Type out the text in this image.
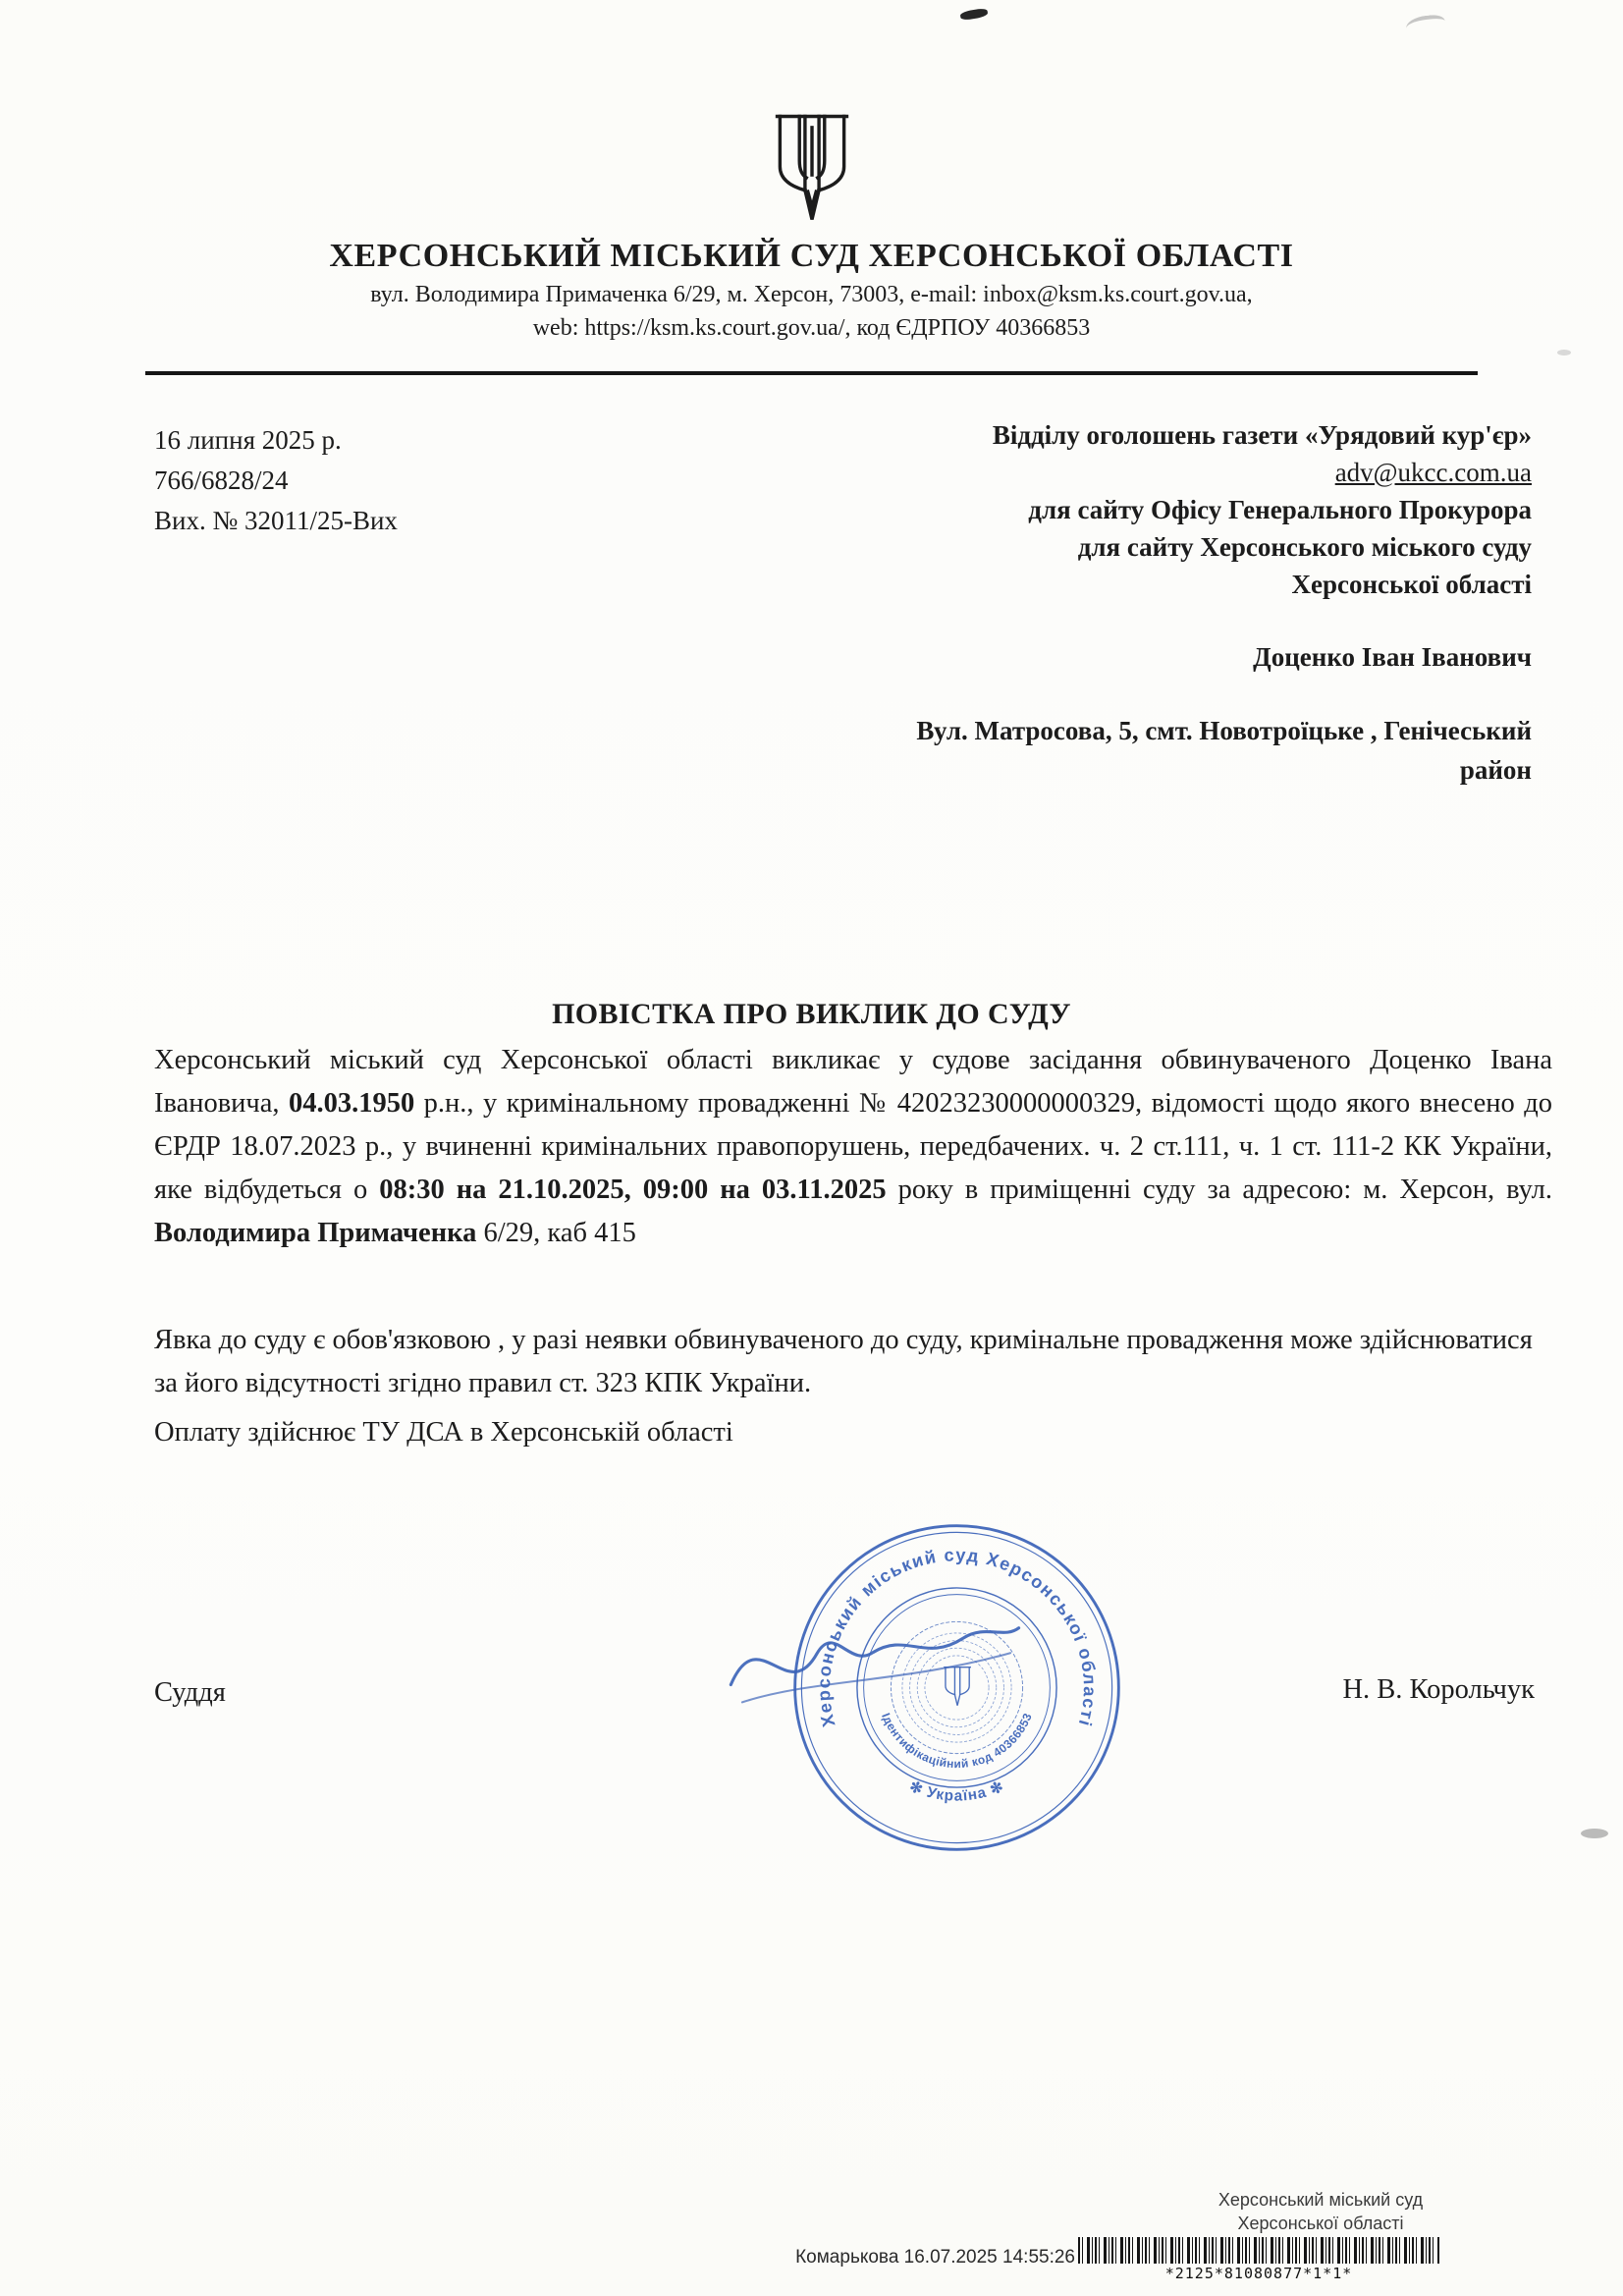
ХЕРСОНСЬКИЙ МІСЬКИЙ СУД ХЕРСОНСЬКОЇ ОБЛАСТІ
вул. Володимира Примаченка 6/29, м. Херсон, 73003, e-mail: inbox@ksm.ks.court.gov.ua,
web: https://ksm.ks.court.gov.ua/, код ЄДРПОУ 40366853
16 липня 2025 р.
766/6828/24
Вих. № 32011/25-Вих
Відділу оголошень газети «Урядовий кур'єр»
adv@ukcc.com.ua
для сайту Офісу Генерального Прокурора
для сайту Херсонського міського суду
Херсонської області
Доценко Іван Іванович
Вул. Матросова, 5, смт. Новотроїцьке , Генічеський район
ПОВІСТКА ПРО ВИКЛИК ДО СУДУ

Херсонський міський суд Херсонської області викликає у судове засідання обвинуваченого Доценко Івана Івановича, 04.03.1950 р.н., у кримінальному провадженні № 42023230000000329, відомості щодо якого внесено до ЄРДР 18.07.2023 р., у вчиненні кримінальних правопорушень, передбачених. ч. 2 ст.111, ч. 1 ст. 111-2 КК України, яке відбудеться о 08:30 на 21.10.2025, 09:00 на 03.11.2025 року в приміщенні суду за адресою: м. Херсон, вул. Володимира Примаченка 6/29, каб 415

Явка до суду є обов'язковою , у разі неявки обвинуваченого до суду, кримінальне провадження може здійснюватися за його відсутності згідно правил ст. 323 КПК України.
Оплату здійснює ТУ ДСА в Херсонській області
Суддя	Н. В. Корольчук
Херсонський міський суд Херсонської області
✻ Україна ✻
Ідентифікаційний код 40366853
Херсонський міський суд
Херсонської області
Комарькова 16.07.2025 14:55:26
*2125*81080877*1*1*
